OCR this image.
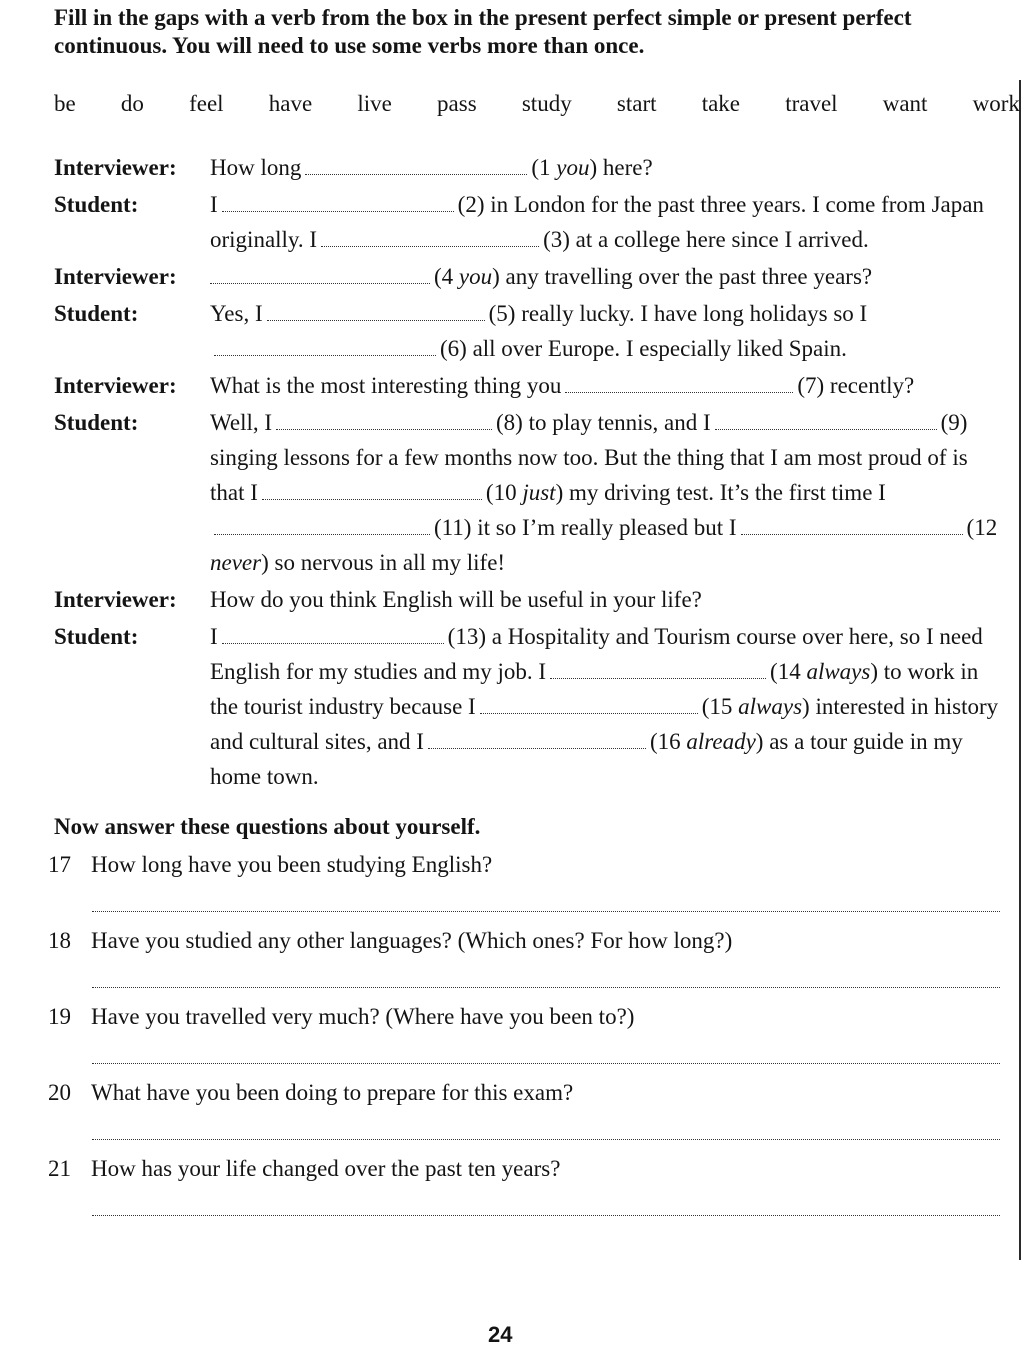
Fill in the gaps with a verb from the box in the present perfect simple or present perfect continuous. You will need to use some verbs more than once.
be do feel have live pass study start take travel want work
Interviewer:	How long	(1 you) here?
Student:	I	(2) in London for the past three years. I come from Japan originally. I	(3) at a college here since I arrived.
Interviewer:	(4 you) any travelling over the past three years?
Student:	Yes, I	(5) really lucky. I have long holidays so I(6) all over Europe. I especially liked Spain.
Interviewer:	What is the most interesting thing you	(7) recently?
Student:	Well, I	(8) to play tennis, and I	(9) singing lessons for a few months now too. But the thing that I am most proud of is that I	(10 just) my driving test. It’s the first time I(11) it so I’m really pleased but I	(12 never) so nervous in all my life!
Interviewer:	How do you think English will be useful in your life?
Student:	I	(13) a Hospitality and Tourism course over here, so I need English for my studies and my job. I	(14 always) to work in the tourist industry because I	(15 always) interested in history and cultural sites, and I	(16 already) as a tour guide in my home town.
Now answer these questions about yourself.
17 How long have you been studying English?
18 Have you studied any other languages? (Which ones? For how long?)
19 Have you travelled very much? (Where have you been to?)
20 What have you been doing to prepare for this exam?
21 How has your life changed over the past ten years?
24
